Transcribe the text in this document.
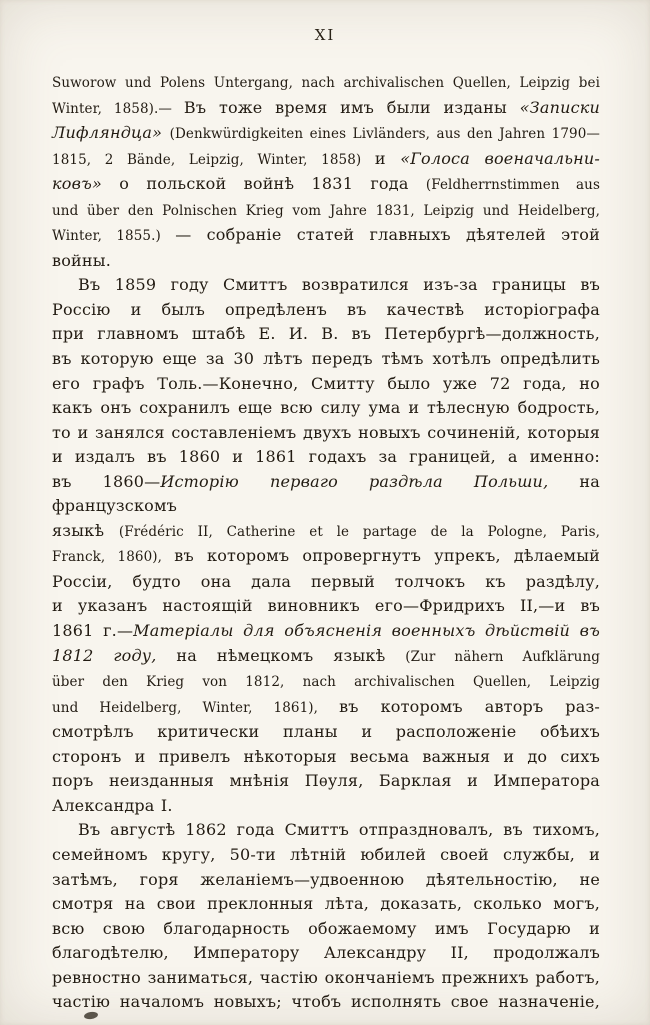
XI
Suworow und Polens Untergang, nach archivalischen Quellen, Leipzig bei
Winter, 1858).— Въ тоже время имъ были изданы «Записки
Лифляндца» (Denkwürdigkeiten eines Livländers, aus den Jahren 1790—
1815, 2 Bände, Leipzig, Winter, 1858) и «Голоса военачальни-
ковъ» о польской войнѣ 1831 года (Feldherrnstimmen aus
und über den Polnischen Krieg vom Jahre 1831, Leipzig und Heidelberg,
Winter, 1855.) — собраніе статей главныхъ дѣятелей этой
войны.
Въ 1859 году Смиттъ возвратился изъ-за границы въ
Россію и былъ опредѣленъ въ качествѣ исторіографа
при главномъ штабѣ Е. И. В. въ Петербургѣ—должность,
въ которую еще за 30 лѣтъ передъ тѣмъ хотѣлъ опредѣлить
его графъ Толь.—Конечно, Смитту было уже 72 года, но
какъ онъ сохранилъ еще всю силу ума и тѣлесную бодрость,
то и занялся составленіемъ двухъ новыхъ сочиненій, которыя
и издалъ въ 1860 и 1861 годахъ за границей, а именно:
въ 1860—Исторію перваго раздѣла Польши, на французскомъ
языкѣ (Frédéric II, Catherine et le partage de la Pologne, Paris,
Franck, 1860), въ которомъ опровергнутъ упрекъ, дѣлаемый
Россіи, будто она дала первый толчокъ къ раздѣлу,
и указанъ настоящій виновникъ его—Фридрихъ II,—и въ
1861 г.—Матеріалы для объясненія военныхъ дѣйствій въ
1812 году, на нѣмецкомъ языкѣ (Zur nähern Aufklärung
über den Krieg von 1812, nach archivalischen Quellen, Leipzig
und Heidelberg, Winter, 1861), въ которомъ авторъ раз-
смотрѣлъ критически планы и расположеніе обѣихъ
сторонъ и привелъ нѣкоторыя весьма важныя и до сихъ
поръ неизданныя мнѣнія Пѳуля, Барклая и Императора
Александра I.
Въ августѣ 1862 года Смиттъ отпраздновалъ, въ тихомъ,
семейномъ кругу, 50-ти лѣтній юбилей своей службы, и
затѣмъ, горя желаніемъ—удвоенною дѣятельностію, не
смотря на свои преклонныя лѣта, доказать, сколько могъ,
всю свою благодарность обожаемому имъ Государю и
благодѣтелю, Императору Александру II, продолжалъ
ревностно заниматься, частію окончаніемъ прежнихъ работъ,
частію началомъ новыхъ; чтобъ исполнять свое назначеніе,
